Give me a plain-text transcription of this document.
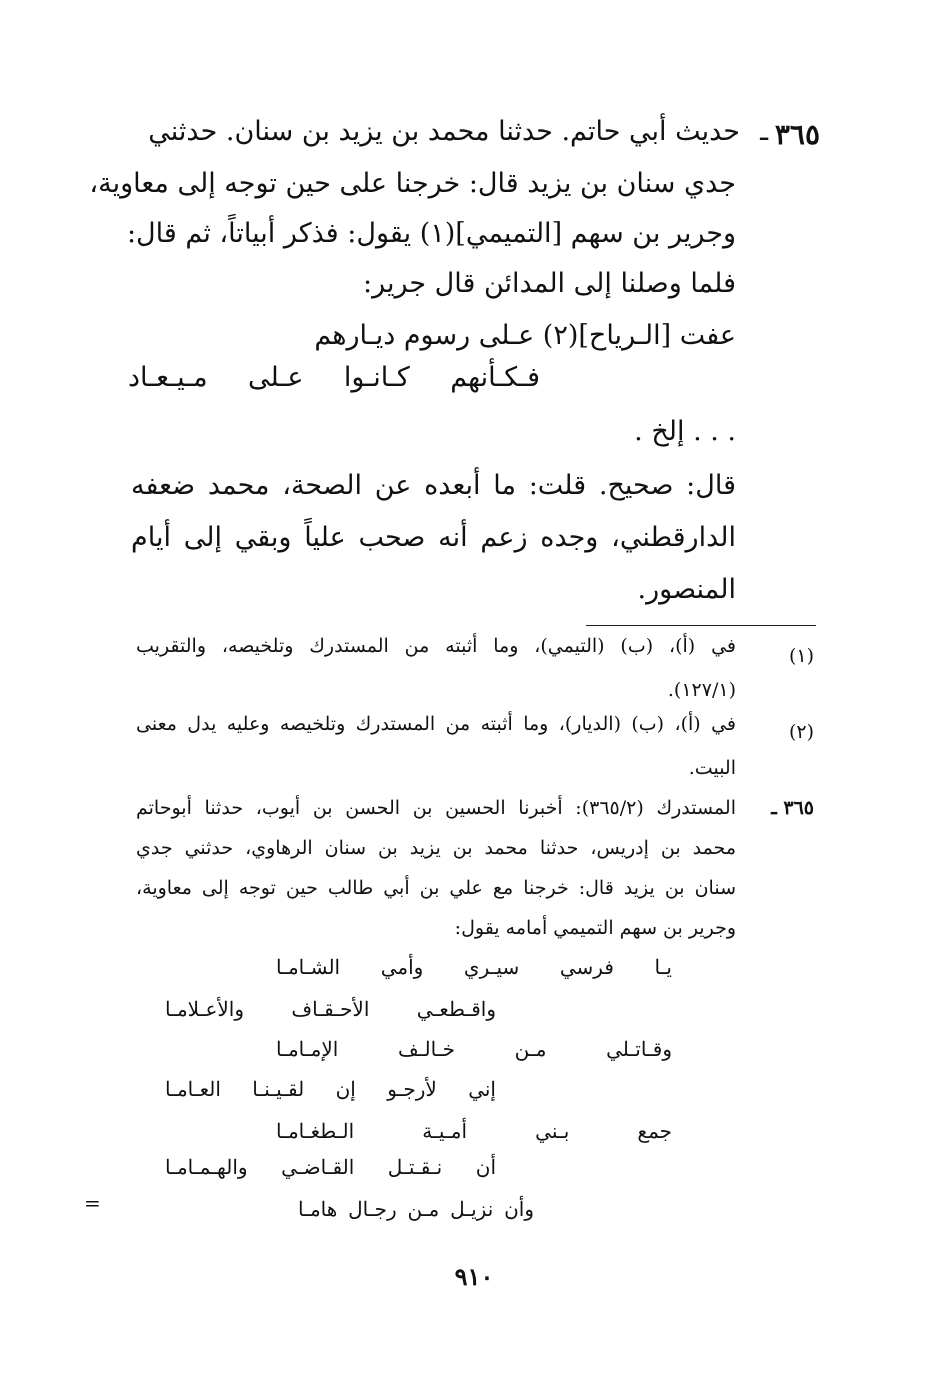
٣٦٥
حديث أبي حاتم. حدثنا محمد بن يزيد بن سنان. حدثني ـ
جدي سنان بن يزيد قال: خرجنا على حين توجه إلى معاوية،
وجرير بن سهم [التميمي](١) يقول: فذكر أبياتاً، ثم قال:
فلما وصلنا إلى المدائن قال جرير:
عفت [الـرياح](٢) عـلى رسوم ديـارهم
فـكـأنهم كـانـوا عـلى مـيـعـاد
. . . إلخ .
قال: صحيح. قلت: ما أبعده عن الصحة، محمد ضعفه
الدارقطني، وجده زعم أنه صحب علياً وبقي إلى أيام
المنصور.
(١)
في (أ)، (ب) (التيمي)، وما أثبته من المستدرك وتلخيصه، والتقريب
(١٢٧/١).
(٢)
في (أ)، (ب) (الديار)، وما أثبته من المستدرك وتلخيصه وعليه يدل معنى
البيت.
٣٦٥ ـ
المستدرك (٣٦٥/٢): أخبرنا الحسين بن الحسن بن أيوب، حدثنا أبوحاتم
محمد بن إدريس، حدثنا محمد بن يزيد بن سنان الرهاوي، حدثني جدي
سنان بن يزيد قال: خرجنا مع علي بن أبي طالب حين توجه إلى معاوية،
وجرير بن سهم التميمي أمامه يقول:
يـا فرسي سيـري وأمي الشـامـا
واقـطعـي الأحـقـاف والأعـلامـا
وقـاتـلي مـن خـالـف الإمـامـا
إني لأرجـو إن لقـيـنـا العـامـا
جمع بـني أمـيـة الـطغـامـا
أن نـقـتـل القـاضـي والهـمـامـا
وأن نزيـل مـن رجـال هامـا
=
٩١٠
